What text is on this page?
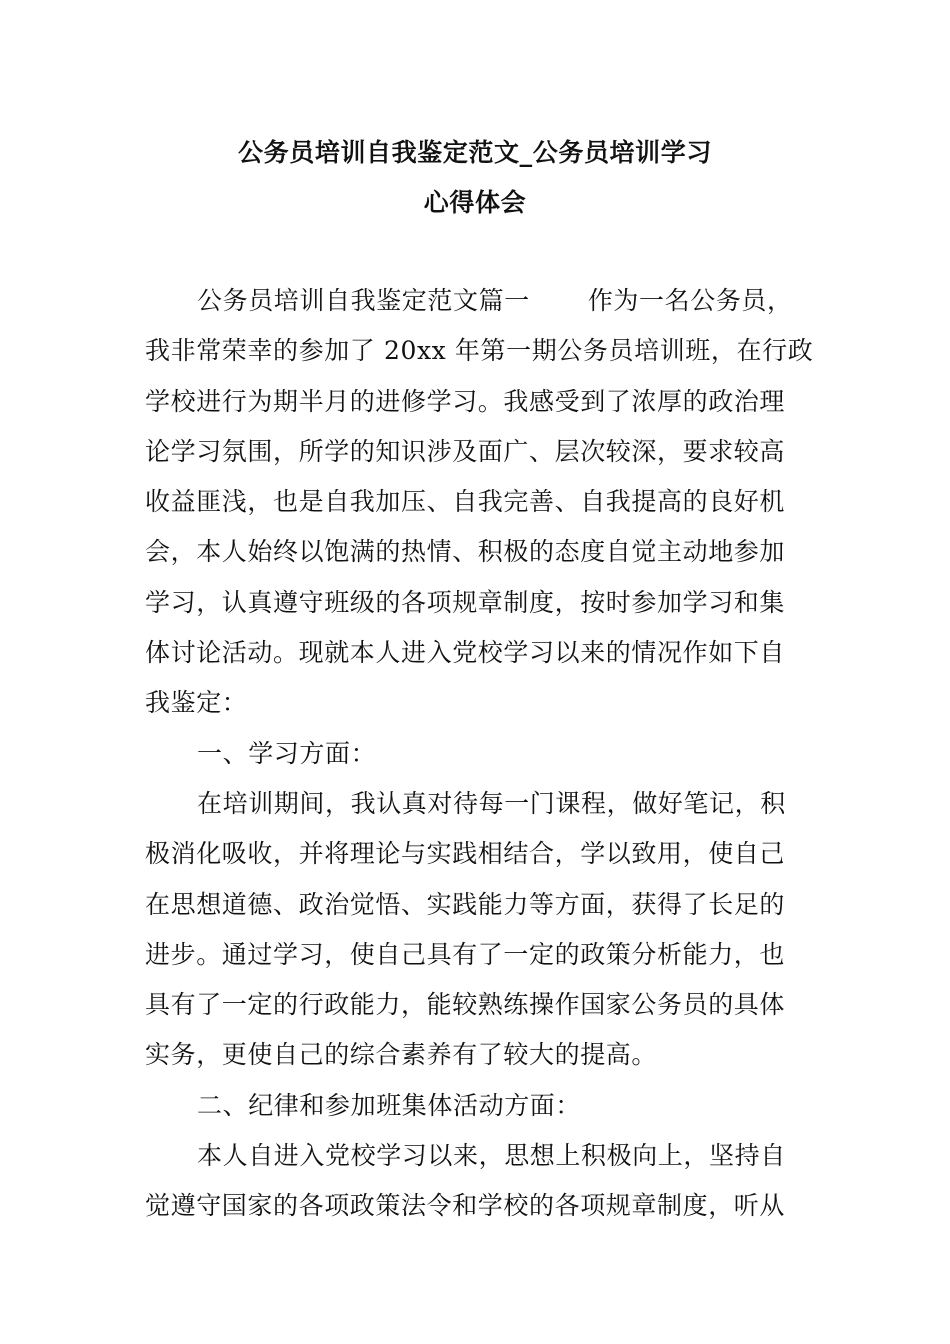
公务员培训自我鉴定范文_公务员培训学习
心得体会
公务员培训自我鉴定范文篇一 作为一名公务员，
我非常荣幸的参加了 20xx 年第一期公务员培训班，在行政
学校进行为期半月的进修学习。我感受到了浓厚的政治理
论学习氛围，所学的知识涉及面广、层次较深，要求较高
收益匪浅，也是自我加压、自我完善、自我提高的良好机
会，本人始终以饱满的热情、积极的态度自觉主动地参加
学习，认真遵守班级的各项规章制度，按时参加学习和集
体讨论活动。现就本人进入党校学习以来的情况作如下自
我鉴定：
一、学习方面：
在培训期间，我认真对待每一门课程，做好笔记，积
极消化吸收，并将理论与实践相结合，学以致用，使自己
在思想道德、政治觉悟、实践能力等方面，获得了长足的
进步。通过学习，使自己具有了一定的政策分析能力，也
具有了一定的行政能力，能较熟练操作国家公务员的具体
实务，更使自己的综合素养有了较大的提高。
二、纪律和参加班集体活动方面：
本人自进入党校学习以来，思想上积极向上，坚持自
觉遵守国家的各项政策法令和学校的各项规章制度，听从
